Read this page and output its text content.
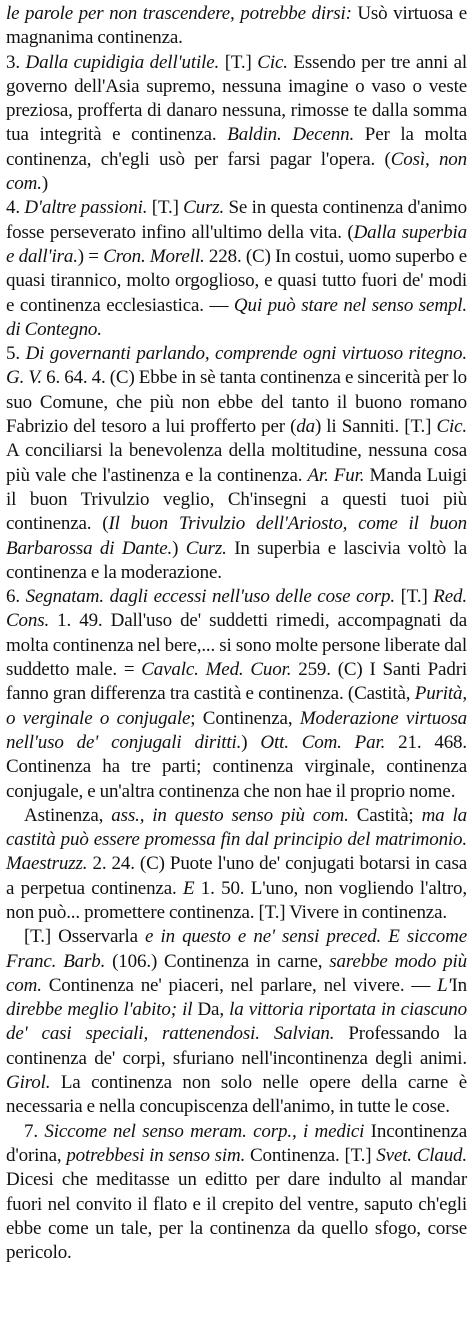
le parole per non trascendere, potrebbe dirsi: Usò virtuosa e magnanima continenza.

3. Dalla cupidigia dell'utile. [T.] Cic. Essendo per tre anni al governo dell'Asia supremo, nessuna imagine o vaso o veste preziosa, profferta di danaro nessuna, rimosse te dalla somma tua integrità e continenza. Baldin. Decenn. Per la molta continenza, ch'egli usò per farsi pagar l'opera. (Così, non com.)

4. D'altre passioni. [T.] Curz. Se in questa continenza d'animo fosse perseverato infino all'ultimo della vita. (Dalla superbia e dall'ira.) = Cron. Morell. 228. (C) In costui, uomo superbo e quasi tirannico, molto orgoglioso, e quasi tutto fuori de' modi e continenza ecclesiastica. — Qui può stare nel senso sempl. di Contegno.

5. Di governanti parlando, comprende ogni virtuoso ritegno. G. V. 6. 64. 4. (C) Ebbe in sè tanta continenza e sincerità per lo suo Comune, che più non ebbe del tanto il buono romano Fabrizio del tesoro a lui profferto per (da) li Sanniti. [T.] Cic. A conciliarsi la benevolenza della moltitudine, nessuna cosa più vale che l'astinenza e la continenza. Ar. Fur. Manda Luigi il buon Trivulzio veglio, Ch'insegni a questi tuoi più continenza. (Il buon Trivulzio dell'Ariosto, come il buon Barbarossa di Dante.) Curz. In superbia e lascivia voltò la continenza e la moderazione.

6. Segnatam. dagli eccessi nell'uso delle cose corp. [T.] Red. Cons. 1. 49. Dall'uso de' suddetti rimedi, accompagnati da molta continenza nel bere,... si sono molte persone liberate dal suddetto male. = Cavalc. Med. Cuor. 259. (C) I Santi Padri fanno gran differenza tra castità e continenza. (Castità, Purità, o verginale o conjugale; Continenza, Moderazione virtuosa nell'uso de' conjugali diritti.) Ott. Com. Par. 21. 468. Continenza ha tre parti; continenza virginale, continenza conjugale, e un'altra continenza che non hae il proprio nome.

Astinenza, ass., in questo senso più com. Castità; ma la castità può essere promessa fin dal principio del matrimonio. Maestruzz. 2. 24. (C) Puote l'uno de' conjugati botarsi in casa a perpetua continenza. E 1. 50. L'uno, non vogliendo l'altro, non può... promettere continenza. [T.] Vivere in continenza.

[T.] Osservarla e in questo e ne' sensi preced. E siccome Franc. Barb. (106.) Continenza in carne, sarebbe modo più com. Continenza ne' piaceri, nel parlare, nel vivere. — L'In direbbe meglio l'abito; il Da, la vittoria riportata in ciascuno de' casi speciali, rattenendosi. Salvian. Professando la continenza de' corpi, sfuriano nell'incontinenza degli animi. Girol. La continenza non solo nelle opere della carne è necessaria e nella concupiscenza dell'animo, in tutte le cose.

7. Siccome nel senso meram. corp., i medici Incontinenza d'orina, potrebbesi in senso sim. Continenza. [T.] Svet. Claud. Dicesi che meditasse un editto per dare indulto al mandar fuori nel convito il flato e il crepito del ventre, saputo ch'egli ebbe come un tale, per la continenza da quello sfogo, corse pericolo.
